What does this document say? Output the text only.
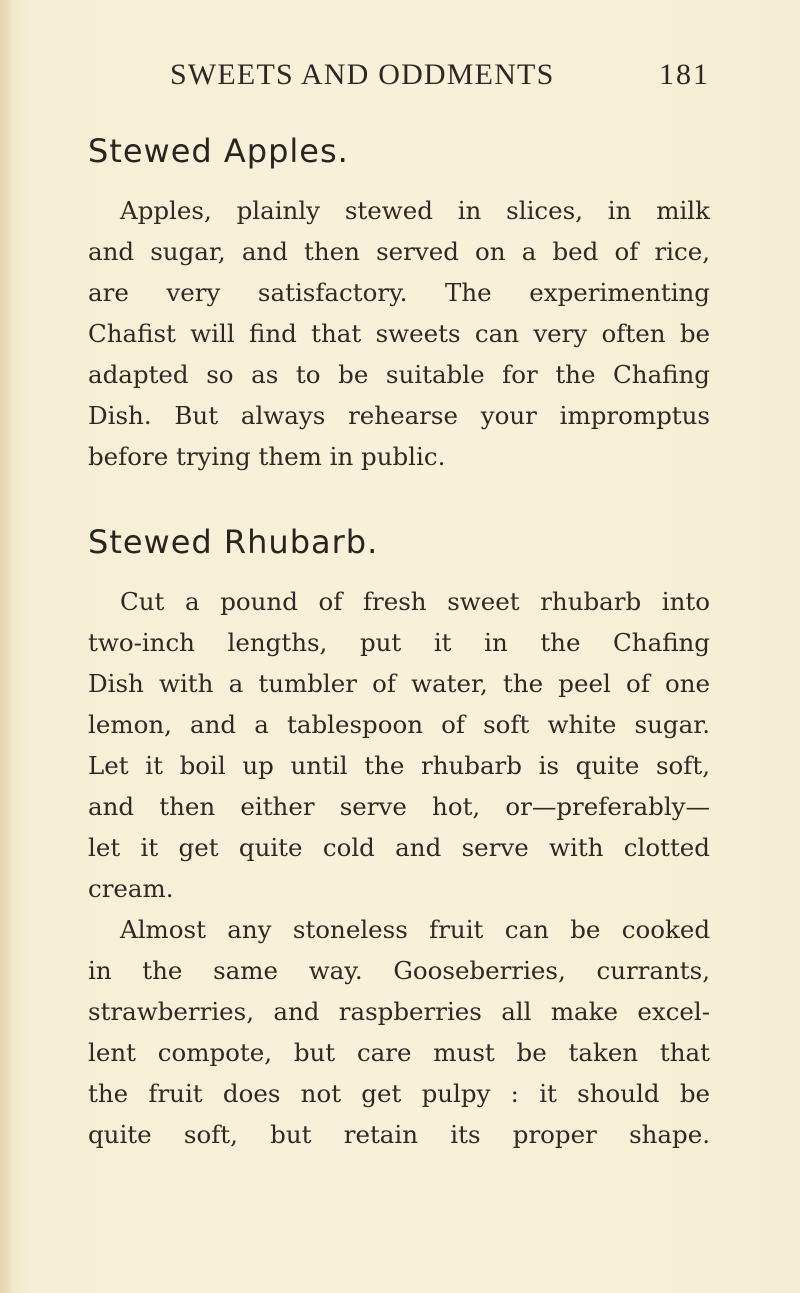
SWEETS AND ODDMENTS	181
Stewed Apples.
Apples, plainly stewed in slices, in milk
and sugar, and then served on a bed of rice,
are very satisfactory. The experimenting
Chafist will find that sweets can very often be
adapted so as to be suitable for the Chafing
Dish. But always rehearse your impromptus
before trying them in public.
Stewed Rhubarb.
Cut a pound of fresh sweet rhubarb into
two-inch lengths, put it in the Chafing
Dish with a tumbler of water, the peel of one
lemon, and a tablespoon of soft white sugar.
Let it boil up until the rhubarb is quite soft,
and then either serve hot, or—preferably—
let it get quite cold and serve with clotted
cream.
Almost any stoneless fruit can be cooked
in the same way. Gooseberries, currants,
strawberries, and raspberries all make excel-
lent compote, but care must be taken that
the fruit does not get pulpy : it should be
quite soft, but retain its proper shape.
